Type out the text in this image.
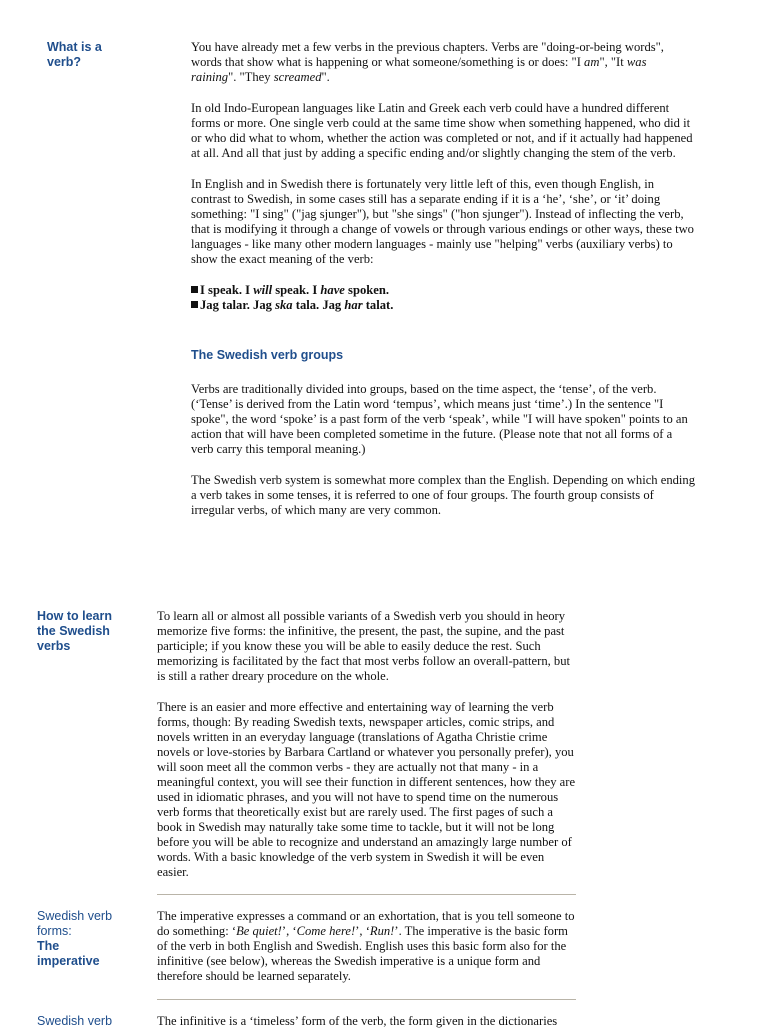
What is a
verb?

You have already met a few verbs in the previous chapters. Verbs are "doing-or-being words",
words that show what is happening or what someone/something is or does: "I am", "It was
raining". "They screamed".

In old Indo-European languages like Latin and Greek each verb could have a hundred different forms or more. One single verb could at the same time show when something happened, who did it or who did what to whom, whether the action was completed or not, and if it actually had happened at all. And all that just by adding a specific ending and/or slightly changing the stem of the verb.

In English and in Swedish there is fortunately very little left of this, even though English, in contrast to Swedish, in some cases still has a separate ending if it is a ‘he’, ‘she’, or ‘it’ doing something: "I sing" ("jag sjunger"), but "she sings" ("hon sjunger"). Instead of inflecting the verb, that is modifying it through a change of vowels or through various endings or other ways, these two languages - like many other modern languages - mainly use "helping" verbs (auxiliary verbs) to show the exact meaning of the verb:

I speak. I will speak. I have spoken.

Jag talar. Jag ska tala. Jag har talat.

The Swedish verb groups

Verbs are traditionally divided into groups, based on the time aspect, the ‘tense’, of the verb. (‘Tense’ is derived from the Latin word ‘tempus’, which means just ‘time’.) In the sentence "I spoke", the word ‘spoke’ is a past form of the verb ‘speak’, while "I will have spoken" points to an action that will have been completed sometime in the future. (Please note that not all forms of a verb carry this temporal meaning.)

The Swedish verb system is somewhat more complex than the English. Depending on which ending a verb takes in some tenses, it is referred to one of four groups. The fourth group consists of irregular verbs, of which many are very common.

How to learn
the Swedish
verbs

To learn all or almost all possible variants of a Swedish verb you should in heory memorize five forms: the infinitive, the present, the past, the supine, and the past participle; if you know these you will be able to easily deduce the rest. Such memorizing is facilitated by the fact that most verbs follow an overall-pattern, but is still a rather dreary procedure on the whole.

There is an easier and more effective and entertaining way of learning the verb forms, though: By reading Swedish texts, newspaper articles, comic strips, and novels written in an everyday language (translations of Agatha Christie crime novels or love-stories by Barbara Cartland or whatever you personally prefer), you will soon meet all the common verbs - they are actually not that many - in a meaningful context, you will see their function in different sentences, how they are used in idiomatic phrases, and you will not have to spend time on the numerous verb forms that theoretically exist but are rarely used. The first pages of such a book in Swedish may naturally take some time to tackle, but it will not be long before you will be able to recognize and understand an amazingly large number of words. With a basic knowledge of the verb system in Swedish it will be even easier.

Swedish verb
forms:
The
imperative

The imperative expresses a command or an exhortation, that is you tell someone to do something: ‘Be quiet!’, ‘Come here!’, ‘Run!’. The imperative is the basic form of the verb in both English and Swedish. English uses this basic form also for the infinitive (see below), whereas the Swedish imperative is a unique form and therefore should be learned separately.

Swedish verb	The infinitive is a ‘timeless’ form of the verb, the form given in the dictionaries
